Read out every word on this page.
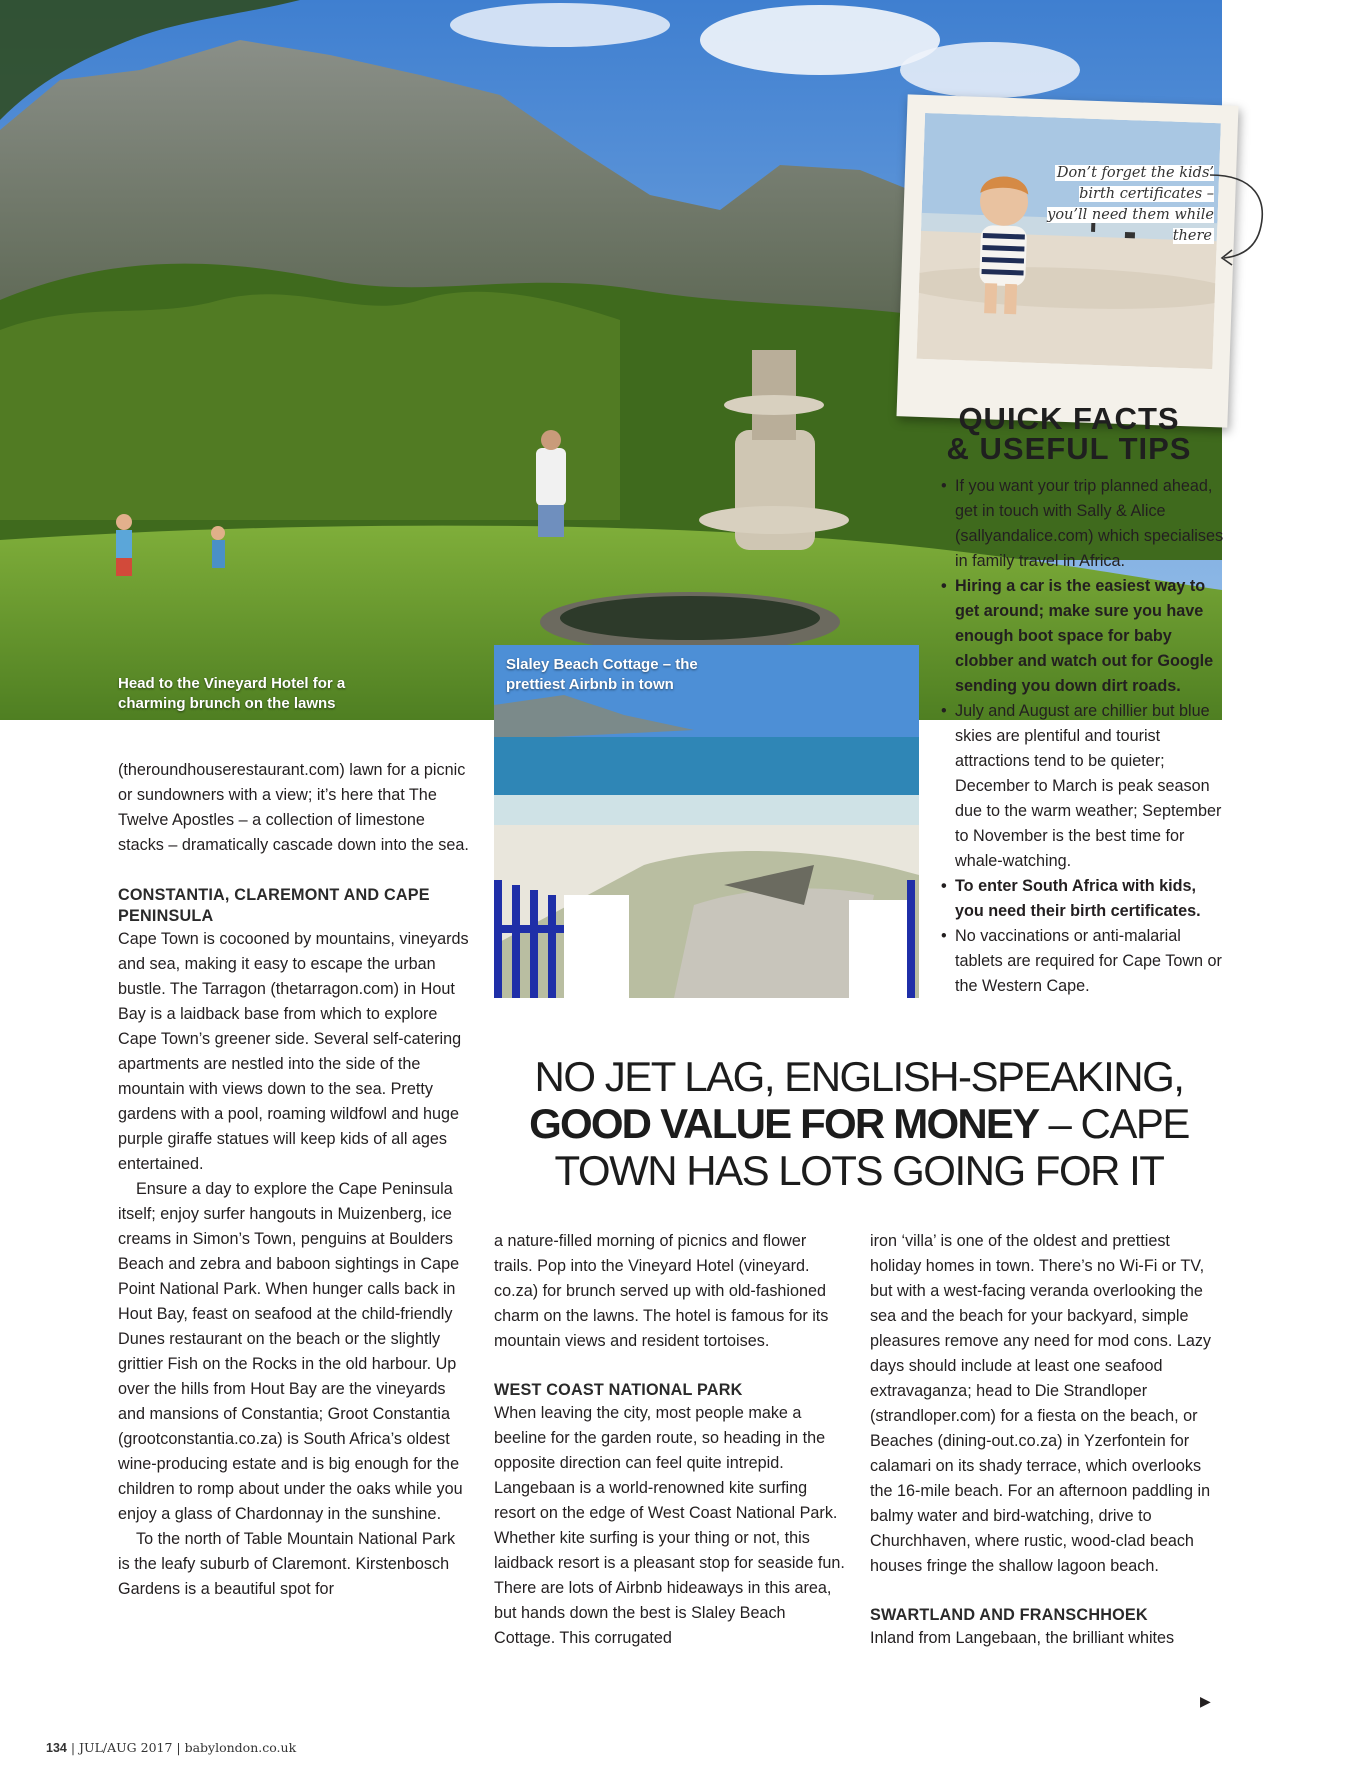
Head to the Vineyard Hotel for a charming brunch on the lawns
Don’t forget the kids’ birth certificates – you’ll need them while there
QUICK FACTS
& USEFUL TIPS
• If you want your trip planned ahead, get in touch with Sally & Alice (sallyandalice.com) which specialises in family travel in Africa.
• Hiring a car is the easiest way to get around; make sure you have enough boot space for baby clobber and watch out for Google sending you down dirt roads.
• July and August are chillier but blue skies are plentiful and tourist attractions tend to be quieter; December to March is peak season due to the warm weather; September to November is the best time for whale-watching.
• To enter South Africa with kids, you need their birth certificates.
• No vaccinations or anti-malarial tablets are required for Cape Town or the Western Cape.
Slaley Beach Cottage – the prettiest Airbnb in town

(theroundhouserestaurant.com) lawn for a picnic or sundowners with a view; it’s here that The Twelve Apostles – a collection of limestone stacks – dramatically cascade down into the sea.

CONSTANTIA, CLAREMONT AND CAPE PENINSULA

Cape Town is cocooned by mountains, vineyards and sea, making it easy to escape the urban bustle. The Tarragon (thetarragon.com) in Hout Bay is a laidback base from which to explore Cape Town’s greener side. Several self-catering apartments are nestled into the side of the mountain with views down to the sea. Pretty gardens with a pool, roaming wildfowl and huge purple giraffe statues will keep kids of all ages entertained.

Ensure a day to explore the Cape Peninsula itself; enjoy surfer hangouts in Muizenberg, ice creams in Simon’s Town, penguins at Boulders Beach and zebra and baboon sightings in Cape Point National Park. When hunger calls back in Hout Bay, feast on seafood at the child-friendly Dunes restaurant on the beach or the slightly grittier Fish on the Rocks in the old harbour. Up over the hills from Hout Bay are the vineyards and mansions of Constantia; Groot Constantia (grootconstantia.co.za) is South Africa’s oldest wine-producing estate and is big enough for the children to romp about under the oaks while you enjoy a glass of Chardonnay in the sunshine.

To the north of Table Mountain National Park is the leafy suburb of Claremont. Kirstenbosch Gardens is a beautiful spot for

NO JET LAG, ENGLISH-SPEAKING,
GOOD VALUE FOR MONEY – CAPE
TOWN HAS LOTS GOING FOR IT

a nature-filled morning of picnics and flower trails. Pop into the Vineyard Hotel (vineyard. co.za) for brunch served up with old-fashioned charm on the lawns. The hotel is famous for its mountain views and resident tortoises.

WEST COAST NATIONAL PARK

When leaving the city, most people make a beeline for the garden route, so heading in the opposite direction can feel quite intrepid. Langebaan is a world-renowned kite surfing resort on the edge of West Coast National Park. Whether kite surfing is your thing or not, this laidback resort is a pleasant stop for seaside fun. There are lots of Airbnb hideaways in this area, but hands down the best is Slaley Beach Cottage. This corrugated

iron ‘villa’ is one of the oldest and prettiest holiday homes in town. There’s no Wi-Fi or TV, but with a west-facing veranda overlooking the sea and the beach for your backyard, simple pleasures remove any need for mod cons. Lazy days should include at least one seafood extravaganza; head to Die Strandloper (strandloper.com) for a fiesta on the beach, or Beaches (dining-out.co.za) in Yzerfontein for calamari on its shady terrace, which overlooks the 16-mile beach. For an afternoon paddling in balmy water and bird-watching, drive to Churchhaven, where rustic, wood-clad beach houses fringe the shallow lagoon beach.

SWARTLAND AND FRANSCHHOEK

Inland from Langebaan, the brilliant whites

▶
134 | JUL/AUG 2017 | babylondon.co.uk
